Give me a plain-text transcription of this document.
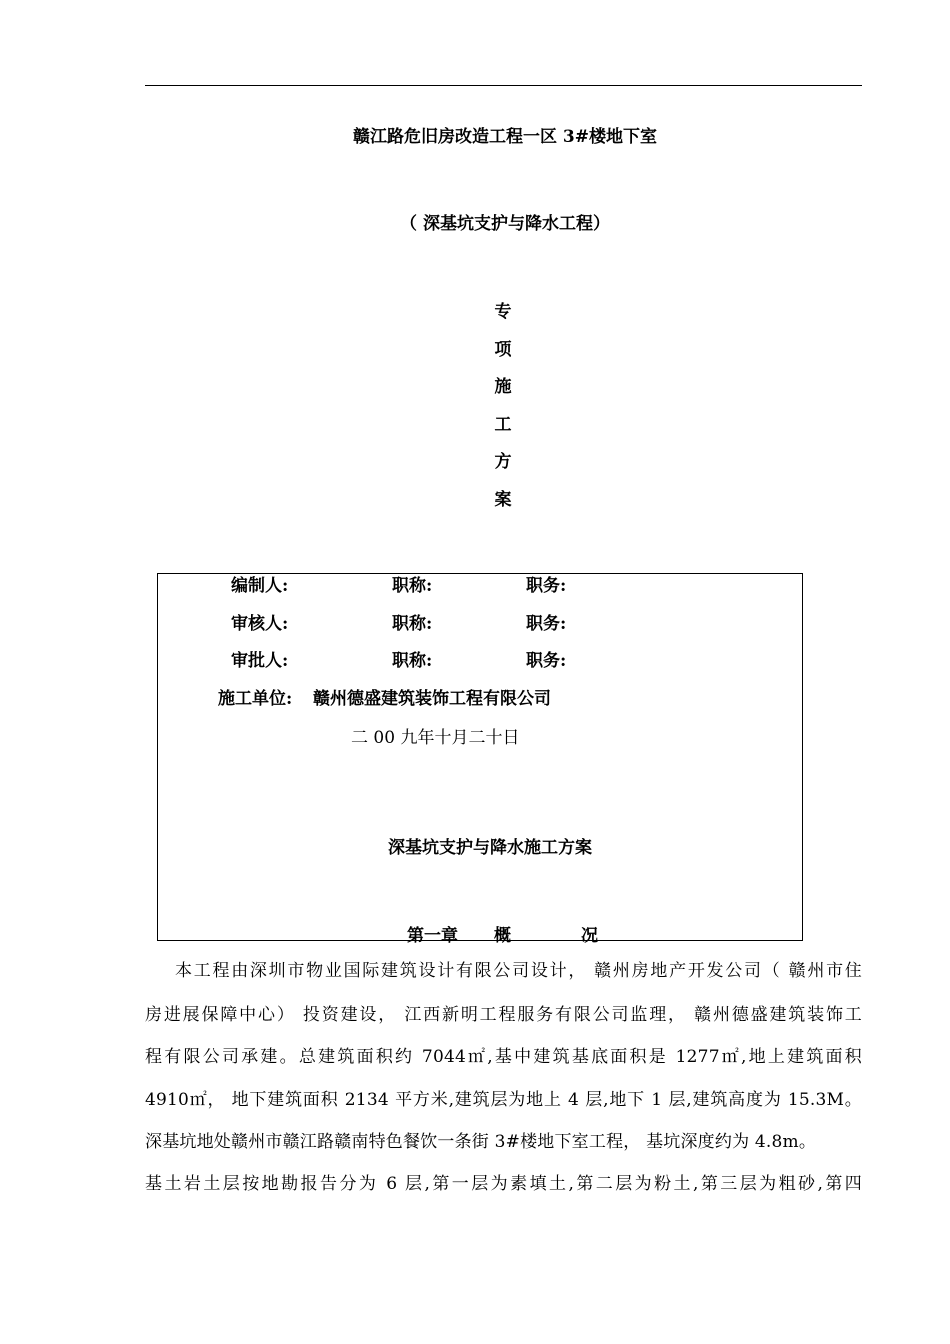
赣江路危旧房改造工程一区 3#楼地下室
（ 深基坑支护与降水工程）
专
项
施
工
方
案
编制人:	职称:	职务:
审核人:	职称:	职务:
审批人:	职称:	职务:
施工单位: 赣州德盛建筑装饰工程有限公司
二 00 九年十月二十日
深基坑支护与降水施工方案
第一章 概	况
本工程由深圳市物业国际建筑设计有限公司设计， 赣州房地产开发公司（ 赣州市住
房进展保障中心） 投资建设， 江西新明工程服务有限公司监理， 赣州德盛建筑装饰工
程有限公司承建。总建筑面积约 7044㎡,基中建筑基底面积是 1277㎡,地上建筑面积
4910㎡， 地下建筑面积 2134 平方米,建筑层为地上 4 层,地下 1 层,建筑高度为 15.3M。
深基坑地处赣州市赣江路赣南特色餐饮一条街 3#楼地下室工程， 基坑深度约为 4.8m。
基土岩土层按地勘报告分为 6 层,第一层为素填土,第二层为粉土,第三层为粗砂,第四
